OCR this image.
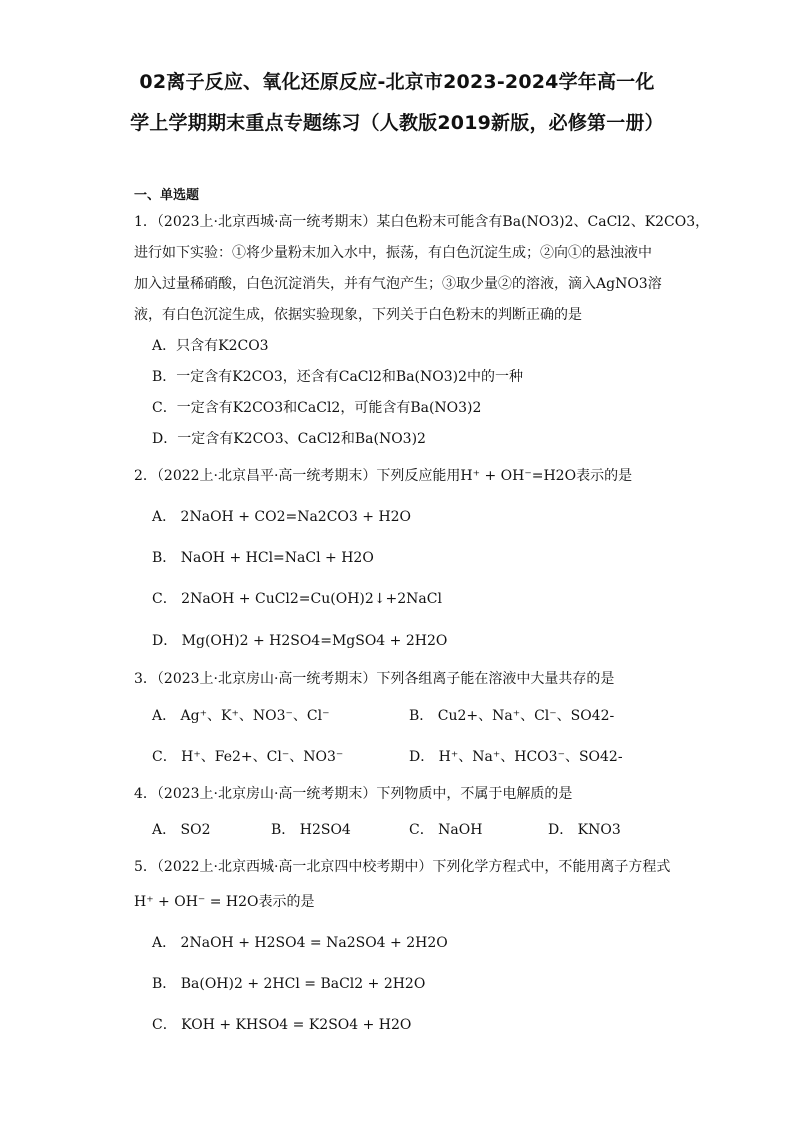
02离子反应、氧化还原反应-北京市2023-2024学年高一化
学上学期期末重点专题练习（人教版2019新版，必修第一册）
一、单选题
1．（2023上·北京西城·高一统考期末）某白色粉末可能含有Ba(NO3)2、CaCl2、K2CO3，
进行如下实验：①将少量粉末加入水中，振荡，有白色沉淀生成；②向①的悬浊液中
加入过量稀硝酸，白色沉淀消失，并有气泡产生；③取少量②的溶液，滴入AgNO3溶
液，有白色沉淀生成，依据实验现象，下列关于白色粉末的判断正确的是
A．只含有K2CO3
B．一定含有K2CO3，还含有CaCl2和Ba(NO3)2中的一种
C．一定含有K2CO3和CaCl2，可能含有Ba(NO3)2
D．一定含有K2CO3、CaCl2和Ba(NO3)2
2．（2022上·北京昌平·高一统考期末）下列反应能用H⁺ + OH⁻=H2O表示的是
A． 2NaOH + CO2=Na2CO3 + H2O
B． NaOH + HCl=NaCl + H2O
C． 2NaOH + CuCl2=Cu(OH)2↓+2NaCl
D． Mg(OH)2 + H2SO4=MgSO4 + 2H2O
3．（2023上·北京房山·高一统考期末）下列各组离子能在溶液中大量共存的是
A． Ag⁺、K⁺、NO3⁻、Cl⁻	B． Cu2+、Na⁺、Cl⁻、SO42-
C． H⁺、Fe2+、Cl⁻、NO3⁻	D． H⁺、Na⁺、HCO3⁻、SO42-
4．（2023上·北京房山·高一统考期末）下列物质中，不属于电解质的是
A． SO2	B． H2SO4	C． NaOH	D． KNO3
5．（2022上·北京西城·高一北京四中校考期中）下列化学方程式中，不能用离子方程式
H⁺ + OH⁻ = H2O表示的是
A． 2NaOH + H2SO4 = Na2SO4 + 2H2O
B． Ba(OH)2 + 2HCl = BaCl2 + 2H2O
C． KOH + KHSO4 = K2SO4 + H2O
